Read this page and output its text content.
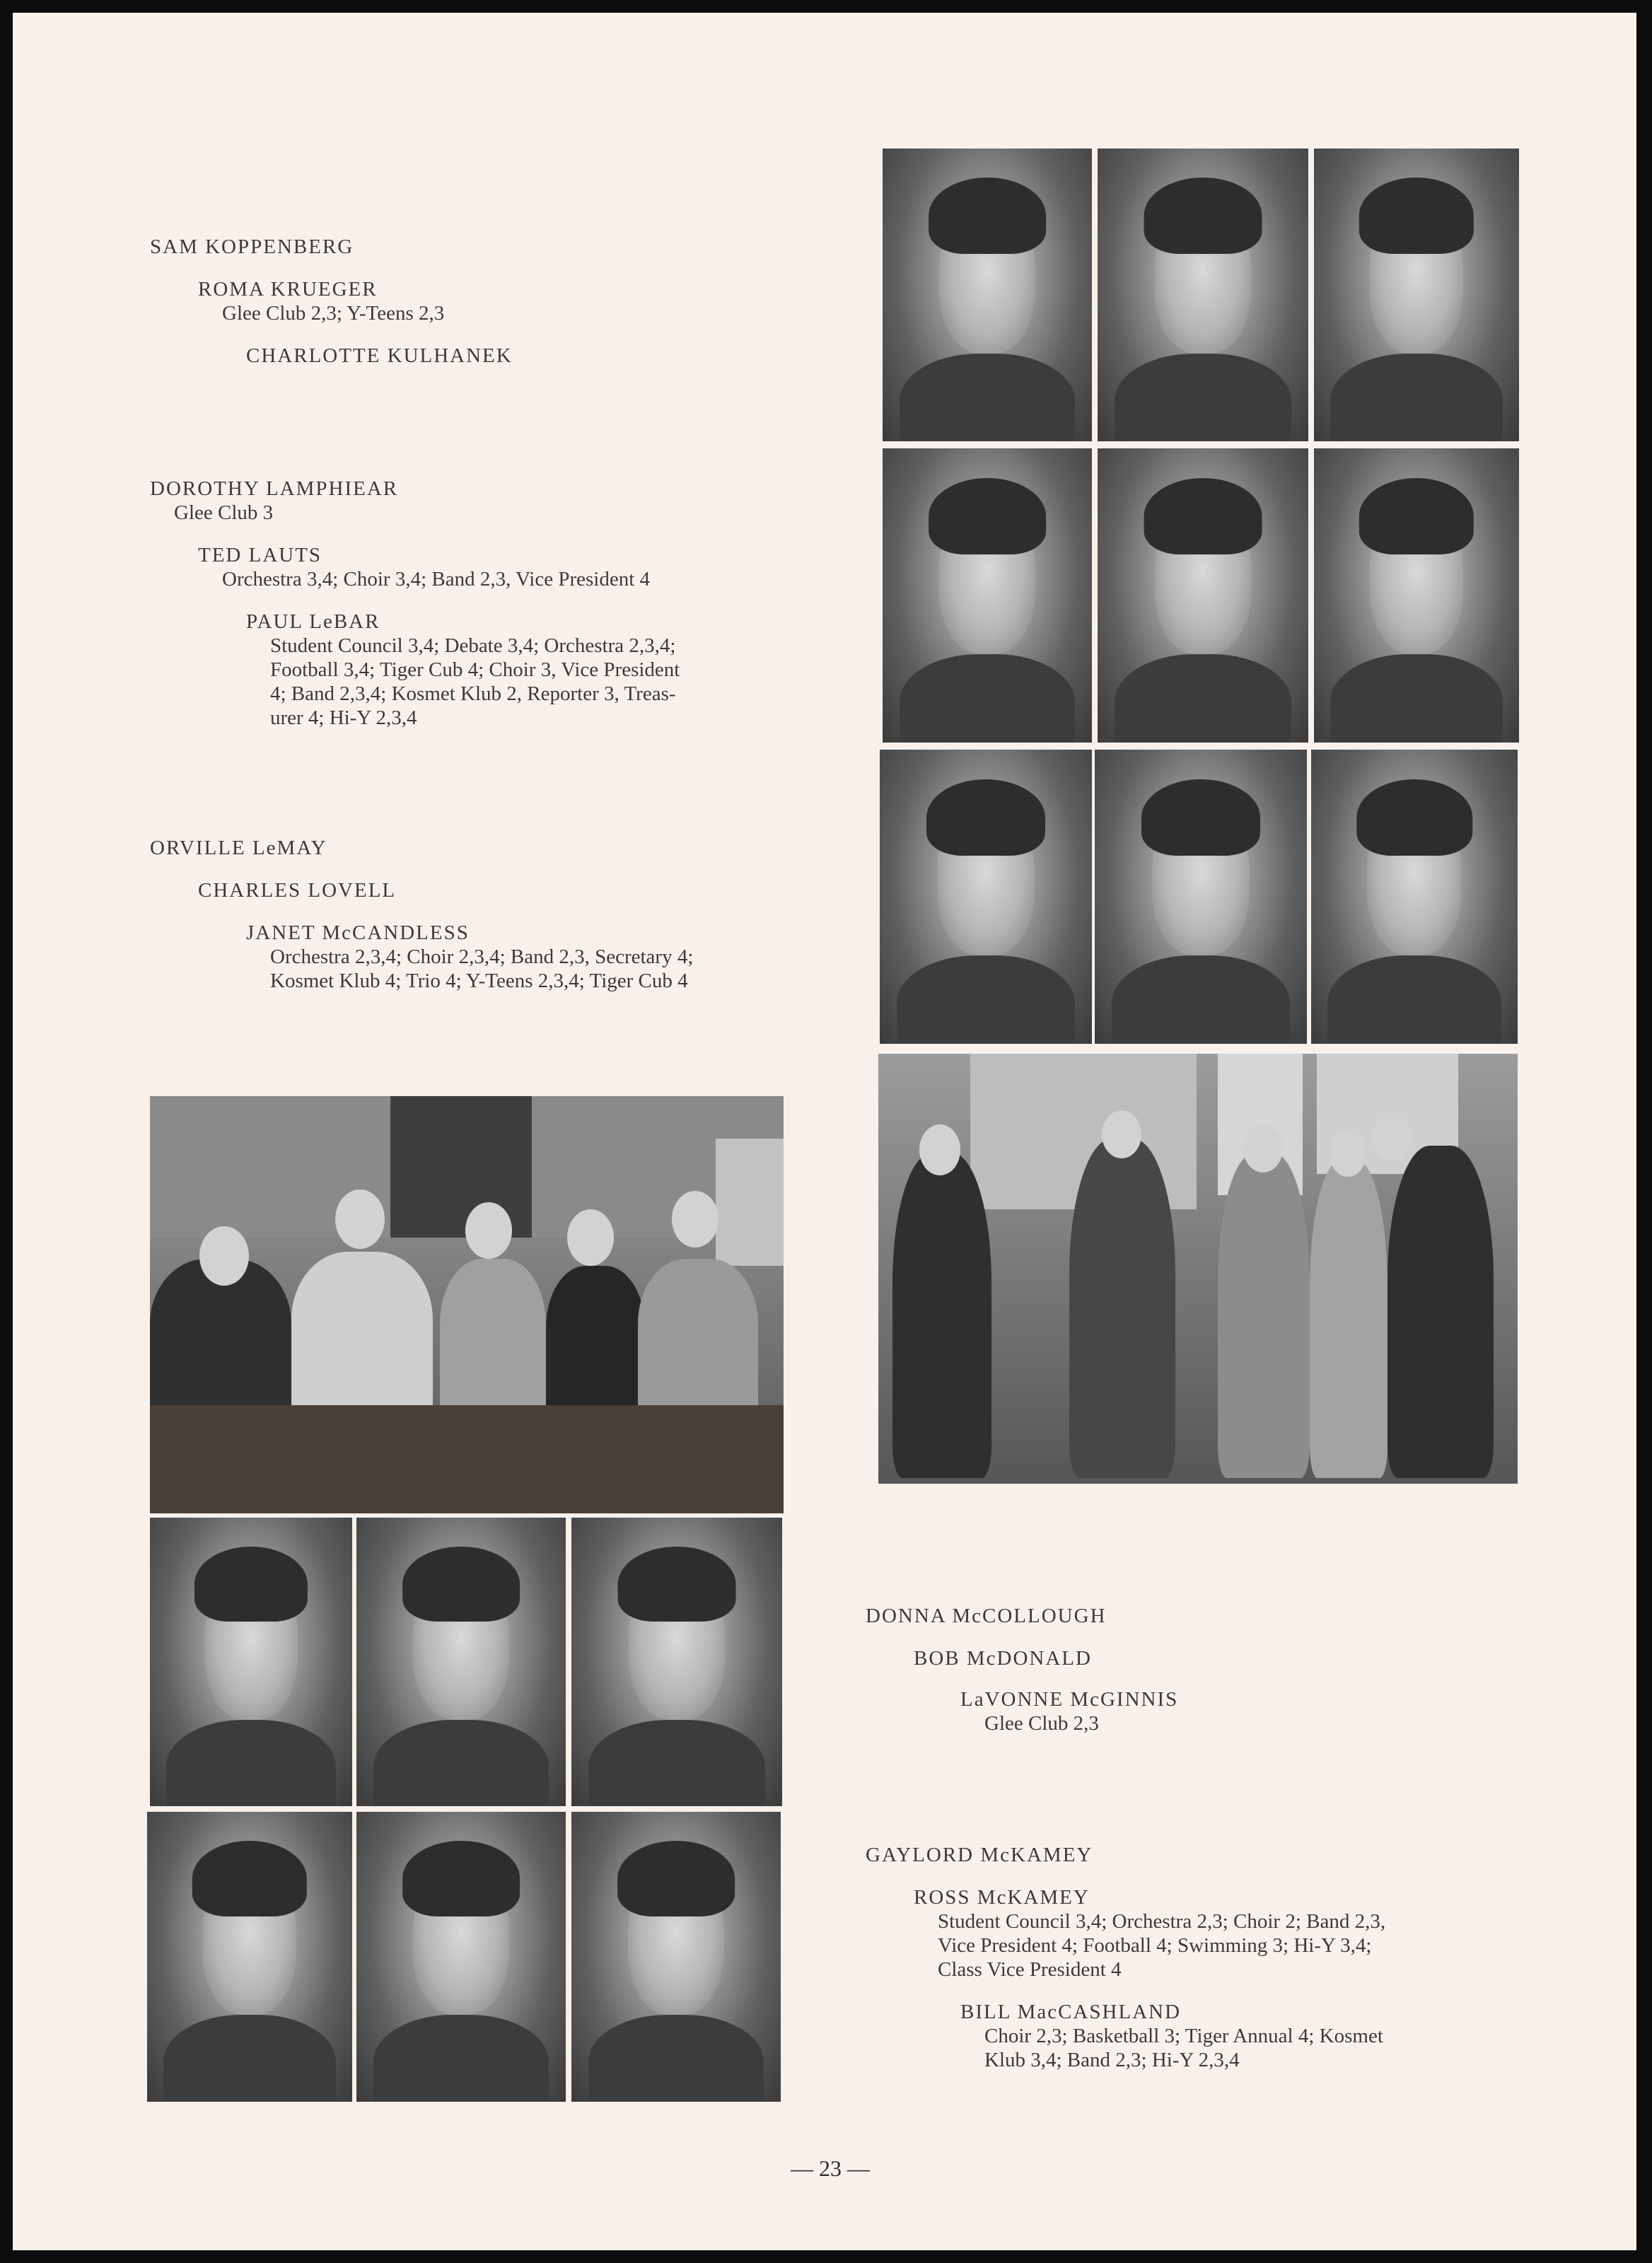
SAM KOPPENBERG
ROMA KRUEGER
Glee Club 2,3; Y-Teens 2,3
CHARLOTTE KULHANEK
DOROTHY LAMPHIEAR
Glee Club 3
TED LAUTS
Orchestra 3,4; Choir 3,4; Band 2,3, Vice President 4
PAUL LeBAR
Student Council 3,4; Debate 3,4; Orchestra 2,3,4;
Football 3,4; Tiger Cub 4; Choir 3, Vice President
4; Band 2,3,4; Kosmet Klub 2, Reporter 3, Treas-
urer 4; Hi-Y 2,3,4
ORVILLE LeMAY
CHARLES LOVELL
JANET McCANDLESS
Orchestra 2,3,4; Choir 2,3,4; Band 2,3, Secretary 4;
Kosmet Klub 4; Trio 4; Y-Teens 2,3,4; Tiger Cub 4
DONNA McCOLLOUGH
BOB McDONALD
LaVONNE McGINNIS
Glee Club 2,3
GAYLORD McKAMEY
ROSS McKAMEY
Student Council 3,4; Orchestra 2,3; Choir 2; Band 2,3,
Vice President 4; Football 4; Swimming 3; Hi-Y 3,4;
Class Vice President 4
BILL MacCASHLAND
Choir 2,3; Basketball 3; Tiger Annual 4; Kosmet
Klub 3,4; Band 2,3; Hi-Y 2,3,4
— 23 —
